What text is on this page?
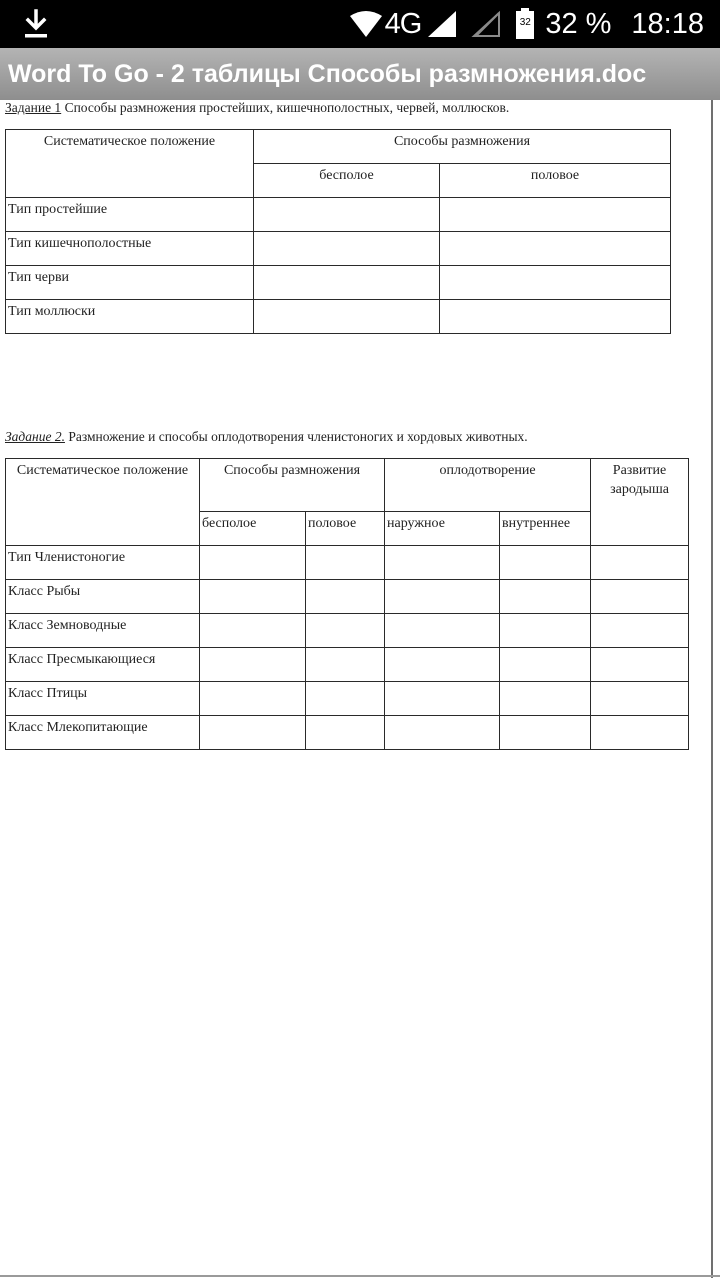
4G	32 32 % 18:18
Word To Go - 2 таблицы Способы размножения.doc
Задание 1 Способы размножения простейших, кишечнополостных, червей, моллюсков.
Систематическое положение	Способы размножения	
	бесполое	половое
Тип простейшие		
Тип кишечнополостные		
Тип черви		
Тип моллюски		
Задание 2. Размножение и способы оплодотворения членистоногих и хордовых животных.
Систематическое положение	Способы размножения		оплодотворение		Развитие зародыша
	бесполое	половое	наружное	внутреннее	
Тип Членистоногие					
Класс Рыбы					
Класс Земноводные					
Класс Пресмыкающиеся					
Класс Птицы					
Класс Млекопитающие					
